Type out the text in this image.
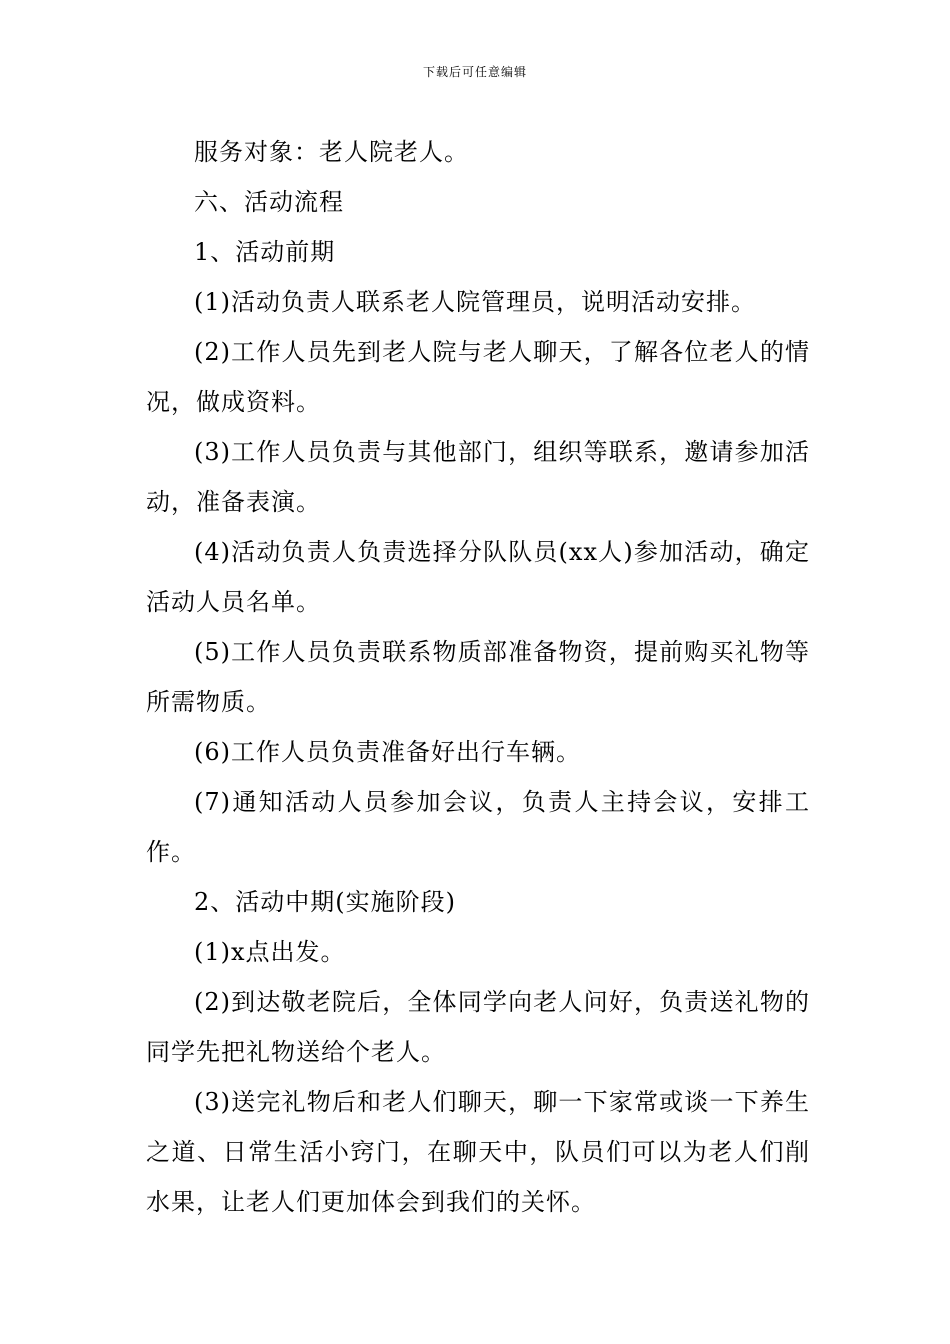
下载后可任意编辑

服务对象：老人院老人。

六、活动流程

1、活动前期

(1)活动负责人联系老人院管理员，说明活动安排。

(2)工作人员先到老人院与老人聊天，了解各位老人的情况，做成资料。

(3)工作人员负责与其他部门，组织等联系，邀请参加活动，准备表演。

(4)活动负责人负责选择分队队员(xx人)参加活动，确定活动人员名单。

(5)工作人员负责联系物质部准备物资，提前购买礼物等所需物质。

(6)工作人员负责准备好出行车辆。

(7)通知活动人员参加会议，负责人主持会议，安排工作。

2、活动中期(实施阶段)

(1)x点出发。

(2)到达敬老院后，全体同学向老人问好，负责送礼物的同学先把礼物送给个老人。

(3)送完礼物后和老人们聊天，聊一下家常或谈一下养生之道、日常生活小窍门，在聊天中，队员们可以为老人们削水果，让老人们更加体会到我们的关怀。
